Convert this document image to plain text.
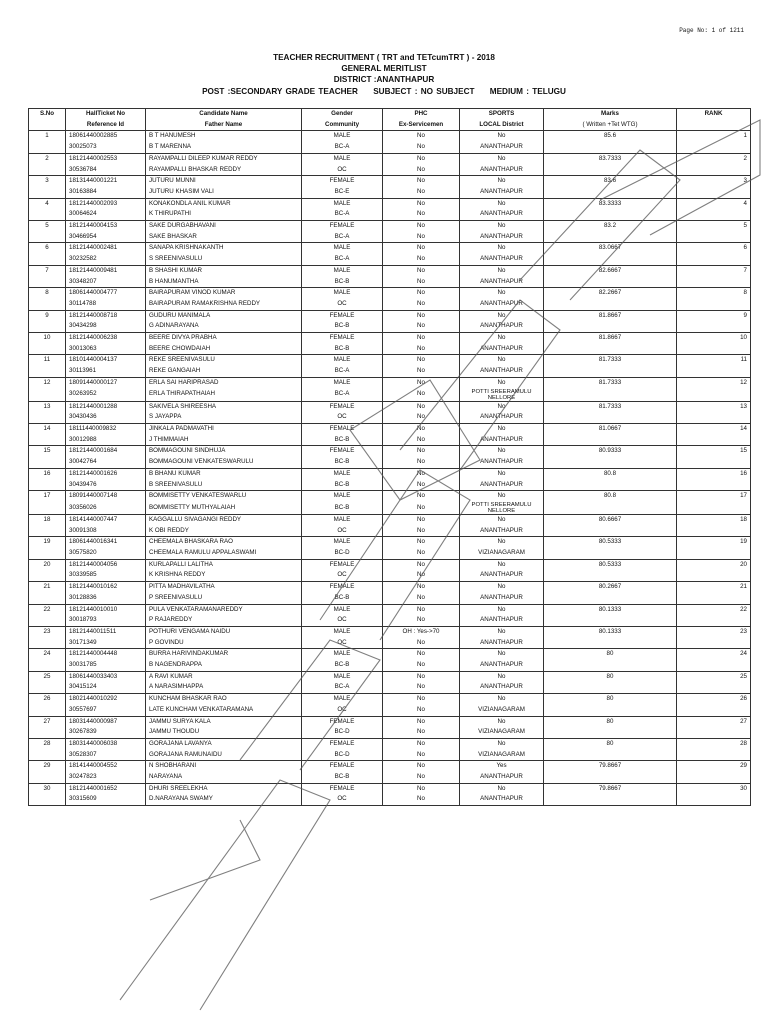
Page No: 1 of 1211
TEACHER RECRUITMENT ( TRT and TETcumTRT ) - 2018
GENERAL MERITLIST
DISTRICT :ANANTHAPUR
POST :SECONDARY GRADE TEACHER SUBJECT : NO SUBJECT MEDIUM : TELUGU
S.No	HallTicket No	Candidate Name	Gender	PHC	SPORTS	Marks	RANK
	Reference Id	Father Name	Community	Ex-Servicemen	LOCAL District	( Written +Tet WTG)	
1	18061440002885	B T HANUMESH	MALE	No	No	85.6	1
	30025073	B T MARENNA	BC-A	No	ANANTHAPUR		
2	18121440002553	RAYAMPALLI DILEEP KUMAR REDDY	MALE	No	No	83.7333	2
	30536784	RAYAMPALLI BHASKAR REDDY	OC	No	ANANTHAPUR		
3	18131440001221	JUTURU MUNNI	FEMALE	No	No	83.6	3
	30163884	JUTURU KHASIM VALI	BC-E	No	ANANTHAPUR		
4	18121440002093	KONAKONDLA ANIL KUMAR	MALE	No	No	83.3333	4
	30064624	K THIRUPATHI	BC-A	No	ANANTHAPUR		
5	18121440004153	SAKE DURGABHAVANI	FEMALE	No	No	83.2	5
	30466954	SAKE BHASKAR	BC-A	No	ANANTHAPUR		
6	18121440002481	SANAPA KRISHNAKANTH	MALE	No	No	83.0667	6
	30232582	S SREENIVASULU	BC-A	No	ANANTHAPUR		
7	18121440009481	B SHASHI KUMAR	MALE	No	No	82.6667	7
	30348207	B HANUMANTHA	BC-B	No	ANANTHAPUR		
8	18061440004777	BAIRAPURAM VINOD KUMAR	MALE	No	No	82.2667	8
	30114788	BAIRAPURAM RAMAKRISHNA REDDY	OC	No	ANANTHAPUR		
9	18121440008718	GUDURU MANIMALA	FEMALE	No	No	81.8667	9
	30434298	G ADINARAYANA	BC-B	No	ANANTHAPUR		
10	18121440006238	BEERE DIVYA PRABHA	FEMALE	No	No	81.8667	10
	30013063	BEERE CHOWDAIAH	BC-B	No	ANANTHAPUR		
11	18101440004137	REKE SREENIVASULU	MALE	No	No	81.7333	11
	30113961	REKE GANGAIAH	BC-A	No	ANANTHAPUR		
12	18091440000127	ERLA SAI HARIPRASAD	MALE	No	No	81.7333	12
	30263952	ERLA THIRAPATHAIAH	BC-A	No	POTTI SREERAMULU NELLORE		
13	18121440001288	SAKIVELA SHIREESHA	FEMALE	No	No	81.7333	13
	30430436	S JAYAPPA	OC	No	ANANTHAPUR		
14	18111440009832	JINKALA PADMAVATHI	FEMALE	No	No	81.0667	14
	30012988	J THIMMAIAH	BC-B	No	ANANTHAPUR		
15	18121440001684	BOMMAGOUNI SINDHUJA	FEMALE	No	No	80.9333	15
	30042764	BOMMAGOUNI VENKATESWARULU	BC-B	No	ANANTHAPUR		
16	18121440001626	B BHANU KUMAR	MALE	No	No	80.8	16
	30439476	B SREENIVASULU	BC-B	No	ANANTHAPUR		
17	18091440007148	BOMMISETTY VENKATESWARLU	MALE	No	No	80.8	17
	30356026	BOMMISETTY MUTHYALAIAH	BC-B	No	POTTI SREERAMULU NELLORE		
18	18141440007447	KAGGALLU SIVAGANGI REDDY	MALE	No	No	80.6667	18
	30091308	K OBI REDDY	OC	No	ANANTHAPUR		
19	18061440016341	CHEEMALA BHASKARA RAO	MALE	No	No	80.5333	19
	30575820	CHEEMALA RAMULU APPALASWAMI	BC-D	No	VIZIANAGARAM		
20	18121440004056	KURLAPALLI LALITHA	FEMALE	No	No	80.5333	20
	30339585	K KRISHNA REDDY	OC	No	ANANTHAPUR		
21	18121440010162	PITTA MADHAVILATHA	FEMALE	No	No	80.2667	21
	30128836	P SREENIVASULU	BC-B	No	ANANTHAPUR		
22	18121440010010	PULA VENKATARAMANAREDDY	MALE	No	No	80.1333	22
	30018793	P RAJAREDDY	OC	No	ANANTHAPUR		
23	18121440011511	POTHURI VENGAMA NAIDU	MALE	OH : Yes->70	No	80.1333	23
	30171349	P GOVINDU	OC	No	ANANTHAPUR		
24	18121440004448	BURRA HARIVINDAKUMAR	MALE	No	No	80	24
	30031785	B NAGENDRAPPA	BC-B	No	ANANTHAPUR		
25	18061440033403	A RAVI KUMAR	MALE	No	No	80	25
	30415124	A NARASIMHAPPA	BC-A	No	ANANTHAPUR		
26	18021440010292	KUNCHAM BHASKAR RAO	MALE	No	No	80	26
	30557697	LATE KUNCHAM VENKATARAMANA	OC	No	VIZIANAGARAM		
27	18031440000987	JAMMU SURYA KALA	FEMALE	No	No	80	27
	30267839	JAMMU THOUDU	BC-D	No	VIZIANAGARAM		
28	18031440006038	GORAJANA LAVANYA	FEMALE	No	No	80	28
	30528307	GORAJANA RAMUNAIDU	BC-D	No	VIZIANAGARAM		
29	18141440004552	N SHOBHARANI	FEMALE	No	Yes	79.8667	29
	30247823	NARAYANA	BC-B	No	ANANTHAPUR		
30	18121440001652	DHURI SREELEKHA	FEMALE	No	No	79.8667	30
	30315609	D.NARAYANA SWAMY	OC	No	ANANTHAPUR		
